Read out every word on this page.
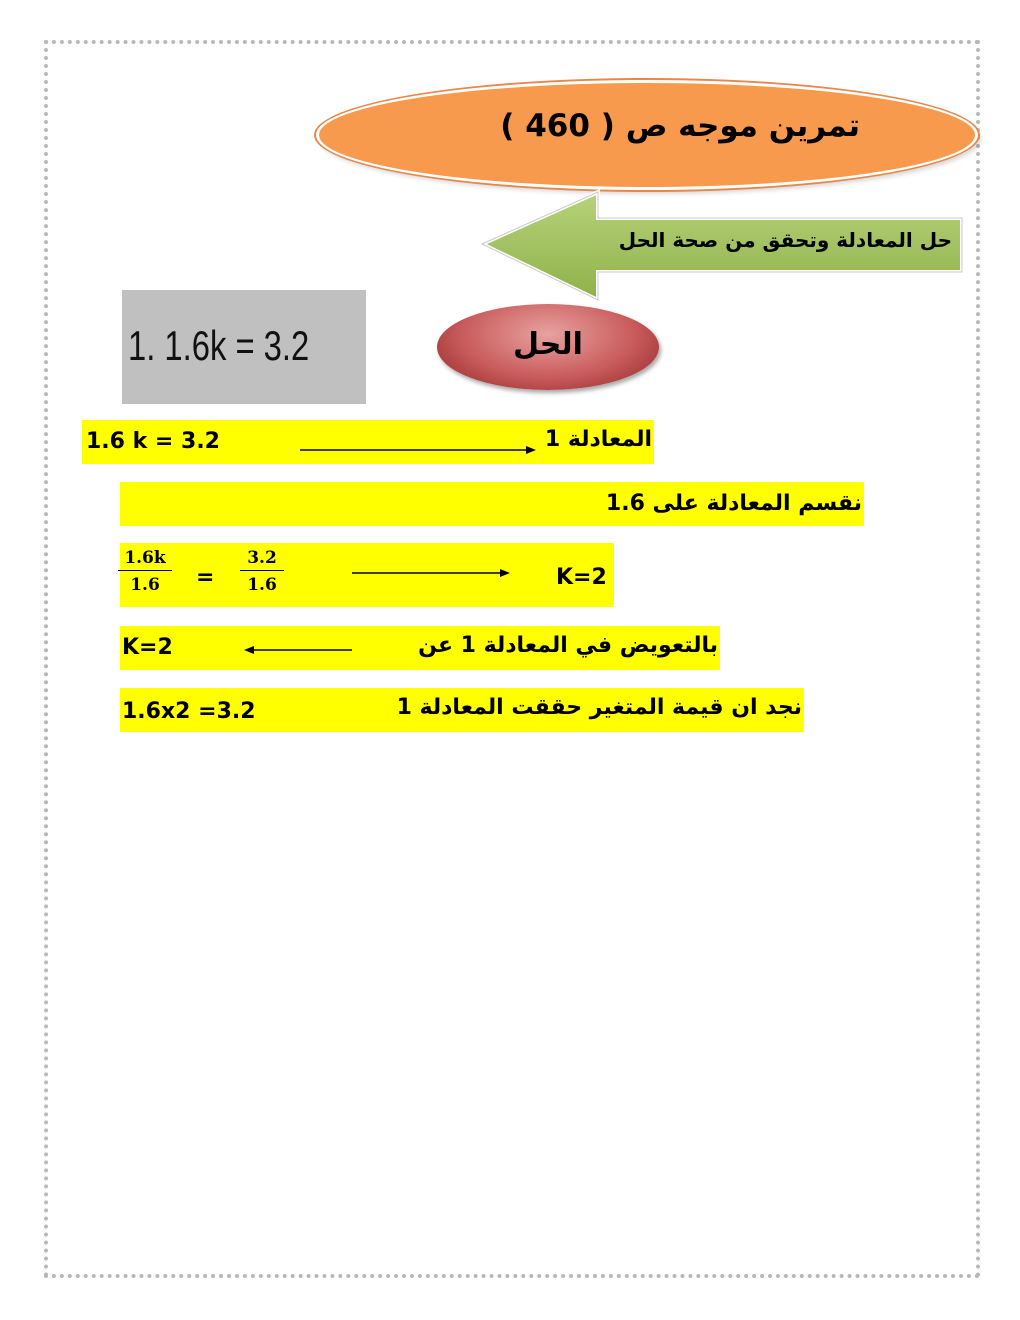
تمرين موجه ص ( 460 )
حل المعادلة وتحقق من صحة الحل
1. 1.6k = 3.2	الحل
1.6 k = 3.2	المعادلة 1
نقسم المعادلة على 1.6
$\frac{1.6k}{1.6} = \frac{3.2}{1.6}$	K=2
K=2	بالتعويض في المعادلة 1 عن
1.6x2 =3.2	نجد ان قيمة المتغير حققت المعادلة 1
